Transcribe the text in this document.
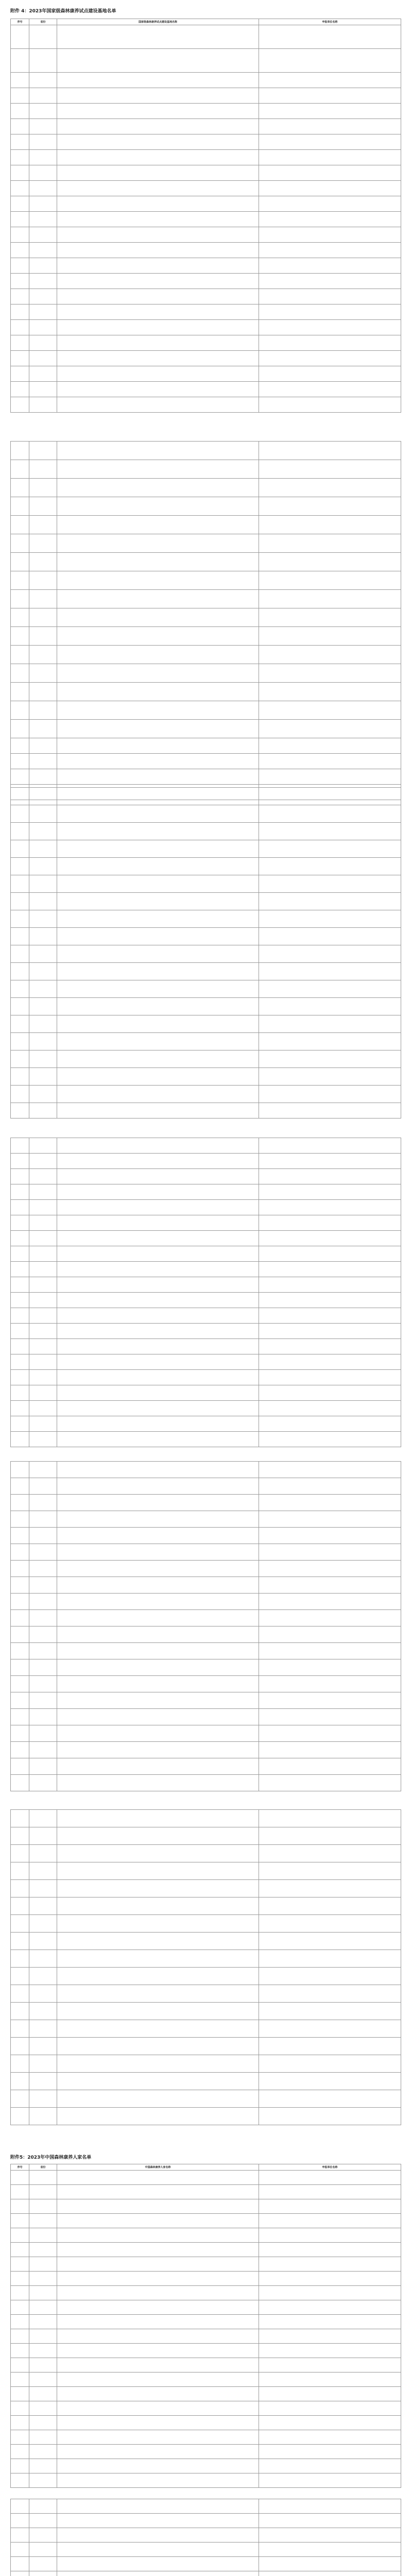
附件 4：2023年国家级森林康养试点建设基地名单
序号	省份	国家级森林康养试点建设基地名称	申报单位名称

附件5：2023年中国森林康养人家名单
序号	省份	中国森林康养人家名称	申报单位名称
